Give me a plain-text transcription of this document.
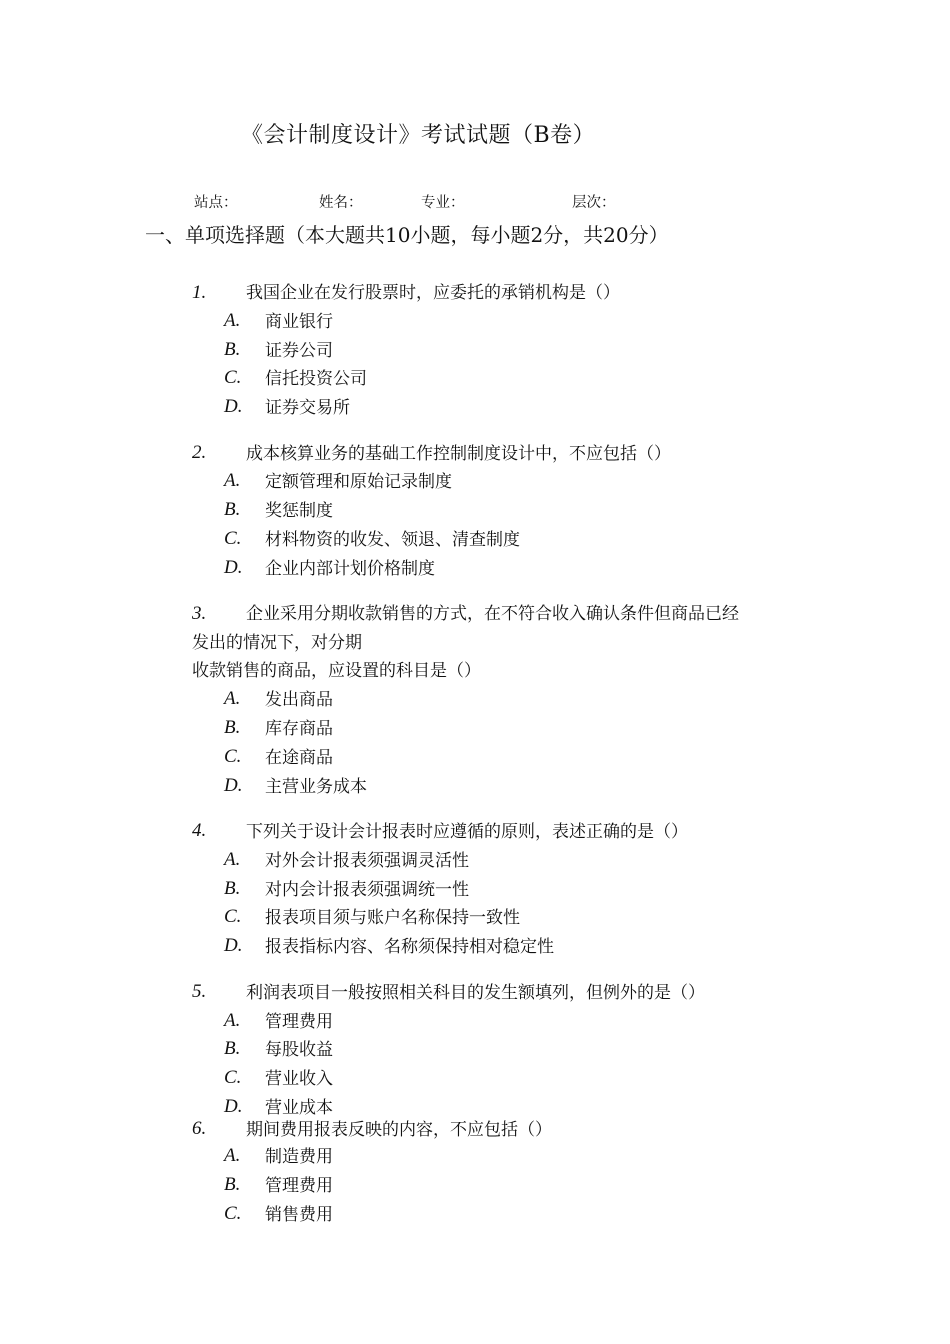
《会计制度设计》考试试题（B卷）
站点：	姓名：	专业：	层次：
一、单项选择题（本大题共10小题，每小题2分，共20分）
1. 我国企业在发行股票时，应委托的承销机构是（）
A. 商业银行
B. 证券公司
C. 信托投资公司
D. 证券交易所
2. 成本核算业务的基础工作控制制度设计中，不应包括（）
A. 定额管理和原始记录制度
B. 奖惩制度
C. 材料物资的收发、领退、清查制度
D. 企业内部计划价格制度
3. 企业采用分期收款销售的方式，在不符合收入确认条件但商品已经
发出的情况下，对分期
收款销售的商品，应设置的科目是（）
A. 发出商品
B. 库存商品
C. 在途商品
D. 主营业务成本
4. 下列关于设计会计报表时应遵循的原则，表述正确的是（）
A. 对外会计报表须强调灵活性
B. 对内会计报表须强调统一性
C. 报表项目须与账户名称保持一致性
D. 报表指标内容、名称须保持相对稳定性
5. 利润表项目一般按照相关科目的发生额填列，但例外的是（）
A. 管理费用
B. 每股收益
C. 营业收入
D. 营业成本
6. 期间费用报表反映的内容，不应包括（）
A. 制造费用
B. 管理费用
C. 销售费用
